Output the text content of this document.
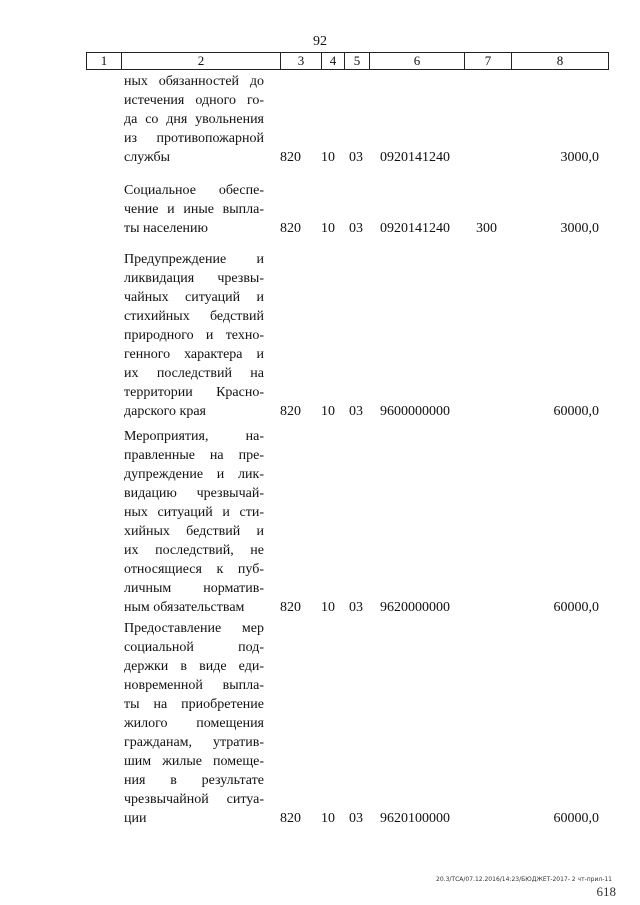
92
1	2	3	4	5	6	7	8
ных обязанностей до
истечения одного го-
да со дня увольнения
из противопожарной
службы	820 10 03 0920141240	3000,0
Социальное обеспе-
чение и иные выпла-
ты населению	820 10 03 0920141240 300	3000,0
Предупреждение и
ликвидация чрезвы-
чайных ситуаций и
стихийных бедствий
природного и техно-
генного характера и
их последствий на
территории Красно-
дарского края	820 10 03 9600000000	60000,0
Мероприятия, на-
правленные на пре-
дупреждение и лик-
видацию чрезвычай-
ных ситуаций и сти-
хийных бедствий и
их последствий, не
относящиеся к пуб-
личным норматив-
ным обязательствам	820 10 03 9620000000	60000,0
Предоставление мер
социальной под-
держки в виде еди-
новременной выпла-
ты на приобретение
жилого помещения
гражданам, утратив-
шим жилые помеще-
ния в результате
чрезвычайной ситуа-
ции	820 10 03 9620100000	60000,0
20.3/ТСА/07.12.2016/14:23/БЮДЖЕТ-2017- 2 чт-прил-11
618
